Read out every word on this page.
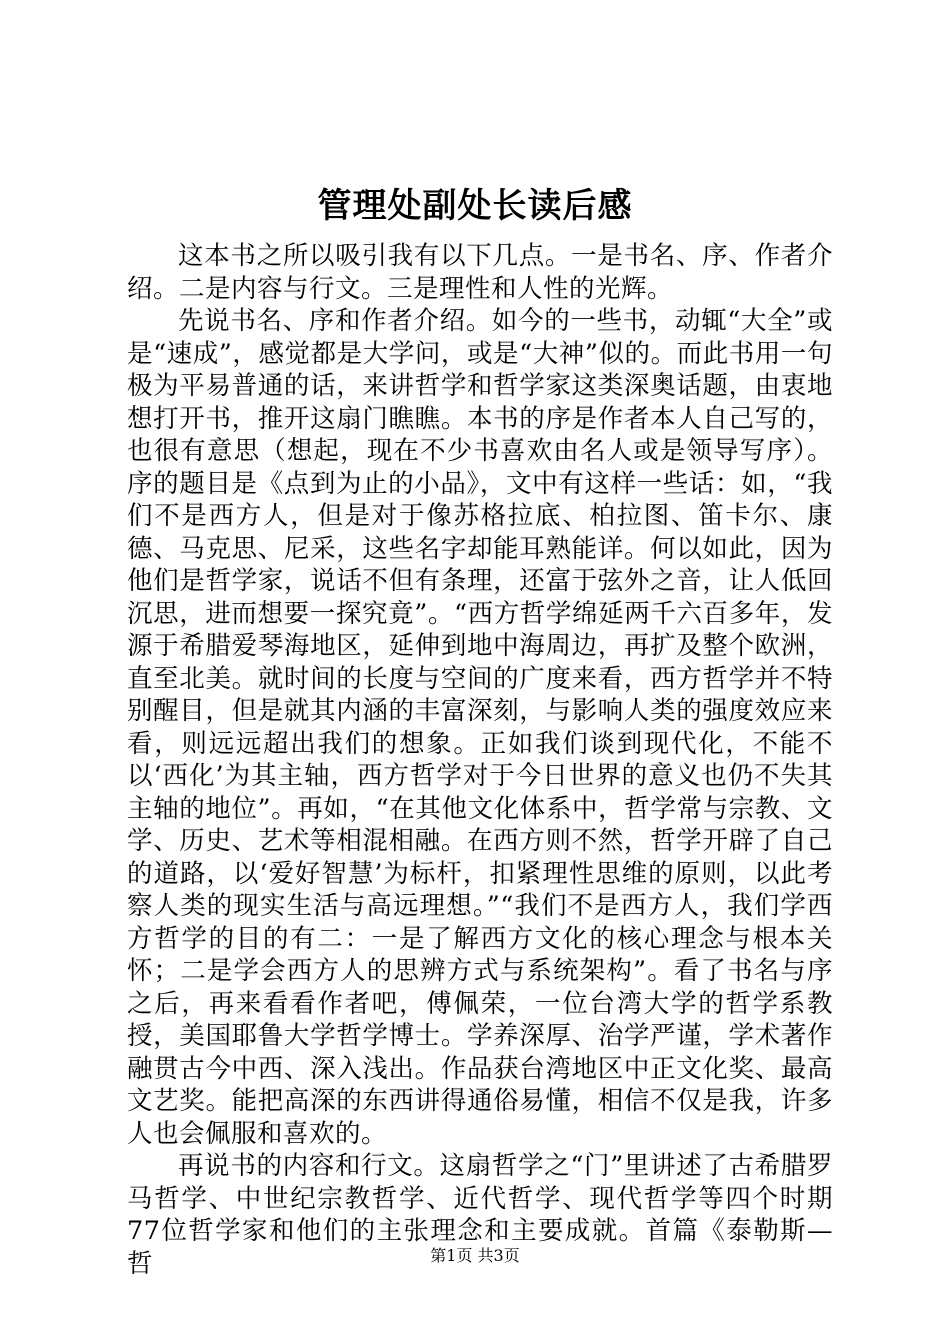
管理处副处长读后感

这本书之所以吸引我有以下几点。一是书名、序、作者介绍。二是内容与行文。三是理性和人性的光辉。

先说书名、序和作者介绍。如今的一些书，动辄“大全”或是“速成”，感觉都是大学问，或是“大神”似的。而此书用一句极为平易普通的话，来讲哲学和哲学家这类深奥话题，由衷地想打开书，推开这扇门瞧瞧。本书的序是作者本人自己写的，也很有意思（想起，现在不少书喜欢由名人或是领导写序）。序的题目是《点到为止的小品》，文中有这样一些话：如，“我们不是西方人，但是对于像苏格拉底、柏拉图、笛卡尔、康德、马克思、尼采，这些名字却能耳熟能详。何以如此，因为他们是哲学家，说话不但有条理，还富于弦外之音，让人低回沉思，进而想要一探究竟”。“西方哲学绵延两千六百多年，发源于希腊爱琴海地区，延伸到地中海周边，再扩及整个欧洲，直至北美。就时间的长度与空间的广度来看，西方哲学并不特别醒目，但是就其内涵的丰富深刻，与影响人类的强度效应来看，则远远超出我们的想象。正如我们谈到现代化，不能不以‘西化’为其主轴，西方哲学对于今日世界的意义也仍不失其主轴的地位”。再如，“在其他文化体系中，哲学常与宗教、文学、历史、艺术等相混相融。在西方则不然，哲学开辟了自己的道路，以‘爱好智慧’为标杆，扣紧理性思维的原则，以此考察人类的现实生活与高远理想。”“我们不是西方人，我们学西方哲学的目的有二：一是了解西方文化的核心理念与根本关怀；二是学会西方人的思辨方式与系统架构”。看了书名与序之后，再来看看作者吧，傅佩荣，一位台湾大学的哲学系教授，美国耶鲁大学哲学博士。学养深厚、治学严谨，学术著作融贯古今中西、深入浅出。作品获台湾地区中正文化奖、最高文艺奖。能把高深的东西讲得通俗易懂，相信不仅是我，许多人也会佩服和喜欢的。

再说书的内容和行文。这扇哲学之“门”里讲述了古希腊罗马哲学、中世纪宗教哲学、近代哲学、现代哲学等四个时期77位哲学家和他们的主张理念和主要成就。首篇《泰勒斯—哲	第1页 共3页
